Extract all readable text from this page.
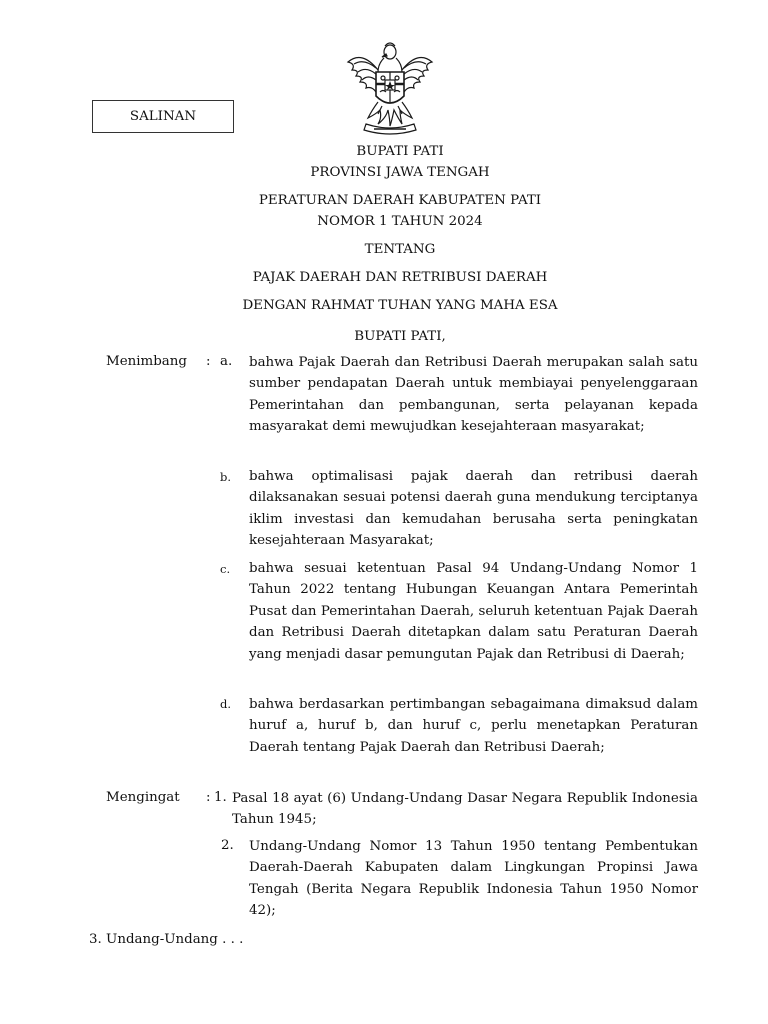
SALINAN
BUPATI PATI
PROVINSI JAWA TENGAH
PERATURAN DAERAH KABUPATEN PATI
NOMOR 1 TAHUN 2024
TENTANG
PAJAK DAERAH DAN RETRIBUSI DAERAH
DENGAN RAHMAT TUHAN YANG MAHA ESA
BUPATI PATI,
Menimbang	: a.	bahwa Pajak Daerah dan Retribusi Daerah merupakan salah satu sumber pendapatan Daerah untuk membiayai penyelenggaraan Pemerintahan dan pembangunan, serta pelayanan kepada masyarakat demi mewujudkan kesejahteraan masyarakat;
b.	bahwa optimalisasi pajak daerah dan retribusi daerah dilaksanakan sesuai potensi daerah guna mendukung terciptanya iklim investasi dan kemudahan berusaha serta peningkatan kesejahteraan Masyarakat;
c.	bahwa sesuai ketentuan Pasal 94 Undang-Undang Nomor 1 Tahun 2022 tentang Hubungan Keuangan Antara Pemerintah Pusat dan Pemerintahan Daerah, seluruh ketentuan Pajak Daerah dan Retribusi Daerah ditetapkan dalam satu Peraturan Daerah yang menjadi dasar pemungutan Pajak dan Retribusi di Daerah;
d.	bahwa berdasarkan pertimbangan sebagaimana dimaksud dalam huruf a, huruf b, dan huruf c, perlu menetapkan Peraturan Daerah tentang Pajak Daerah dan Retribusi Daerah;
Mengingat	: 1. Pasal 18 ayat (6) Undang-Undang Dasar Negara Republik Indonesia Tahun 1945;
2. Undang-Undang Nomor 13 Tahun 1950 tentang Pembentukan Daerah-Daerah Kabupaten dalam Lingkungan Propinsi Jawa Tengah (Berita Negara Republik Indonesia Tahun 1950 Nomor 42);
3. Undang-Undang . . .
